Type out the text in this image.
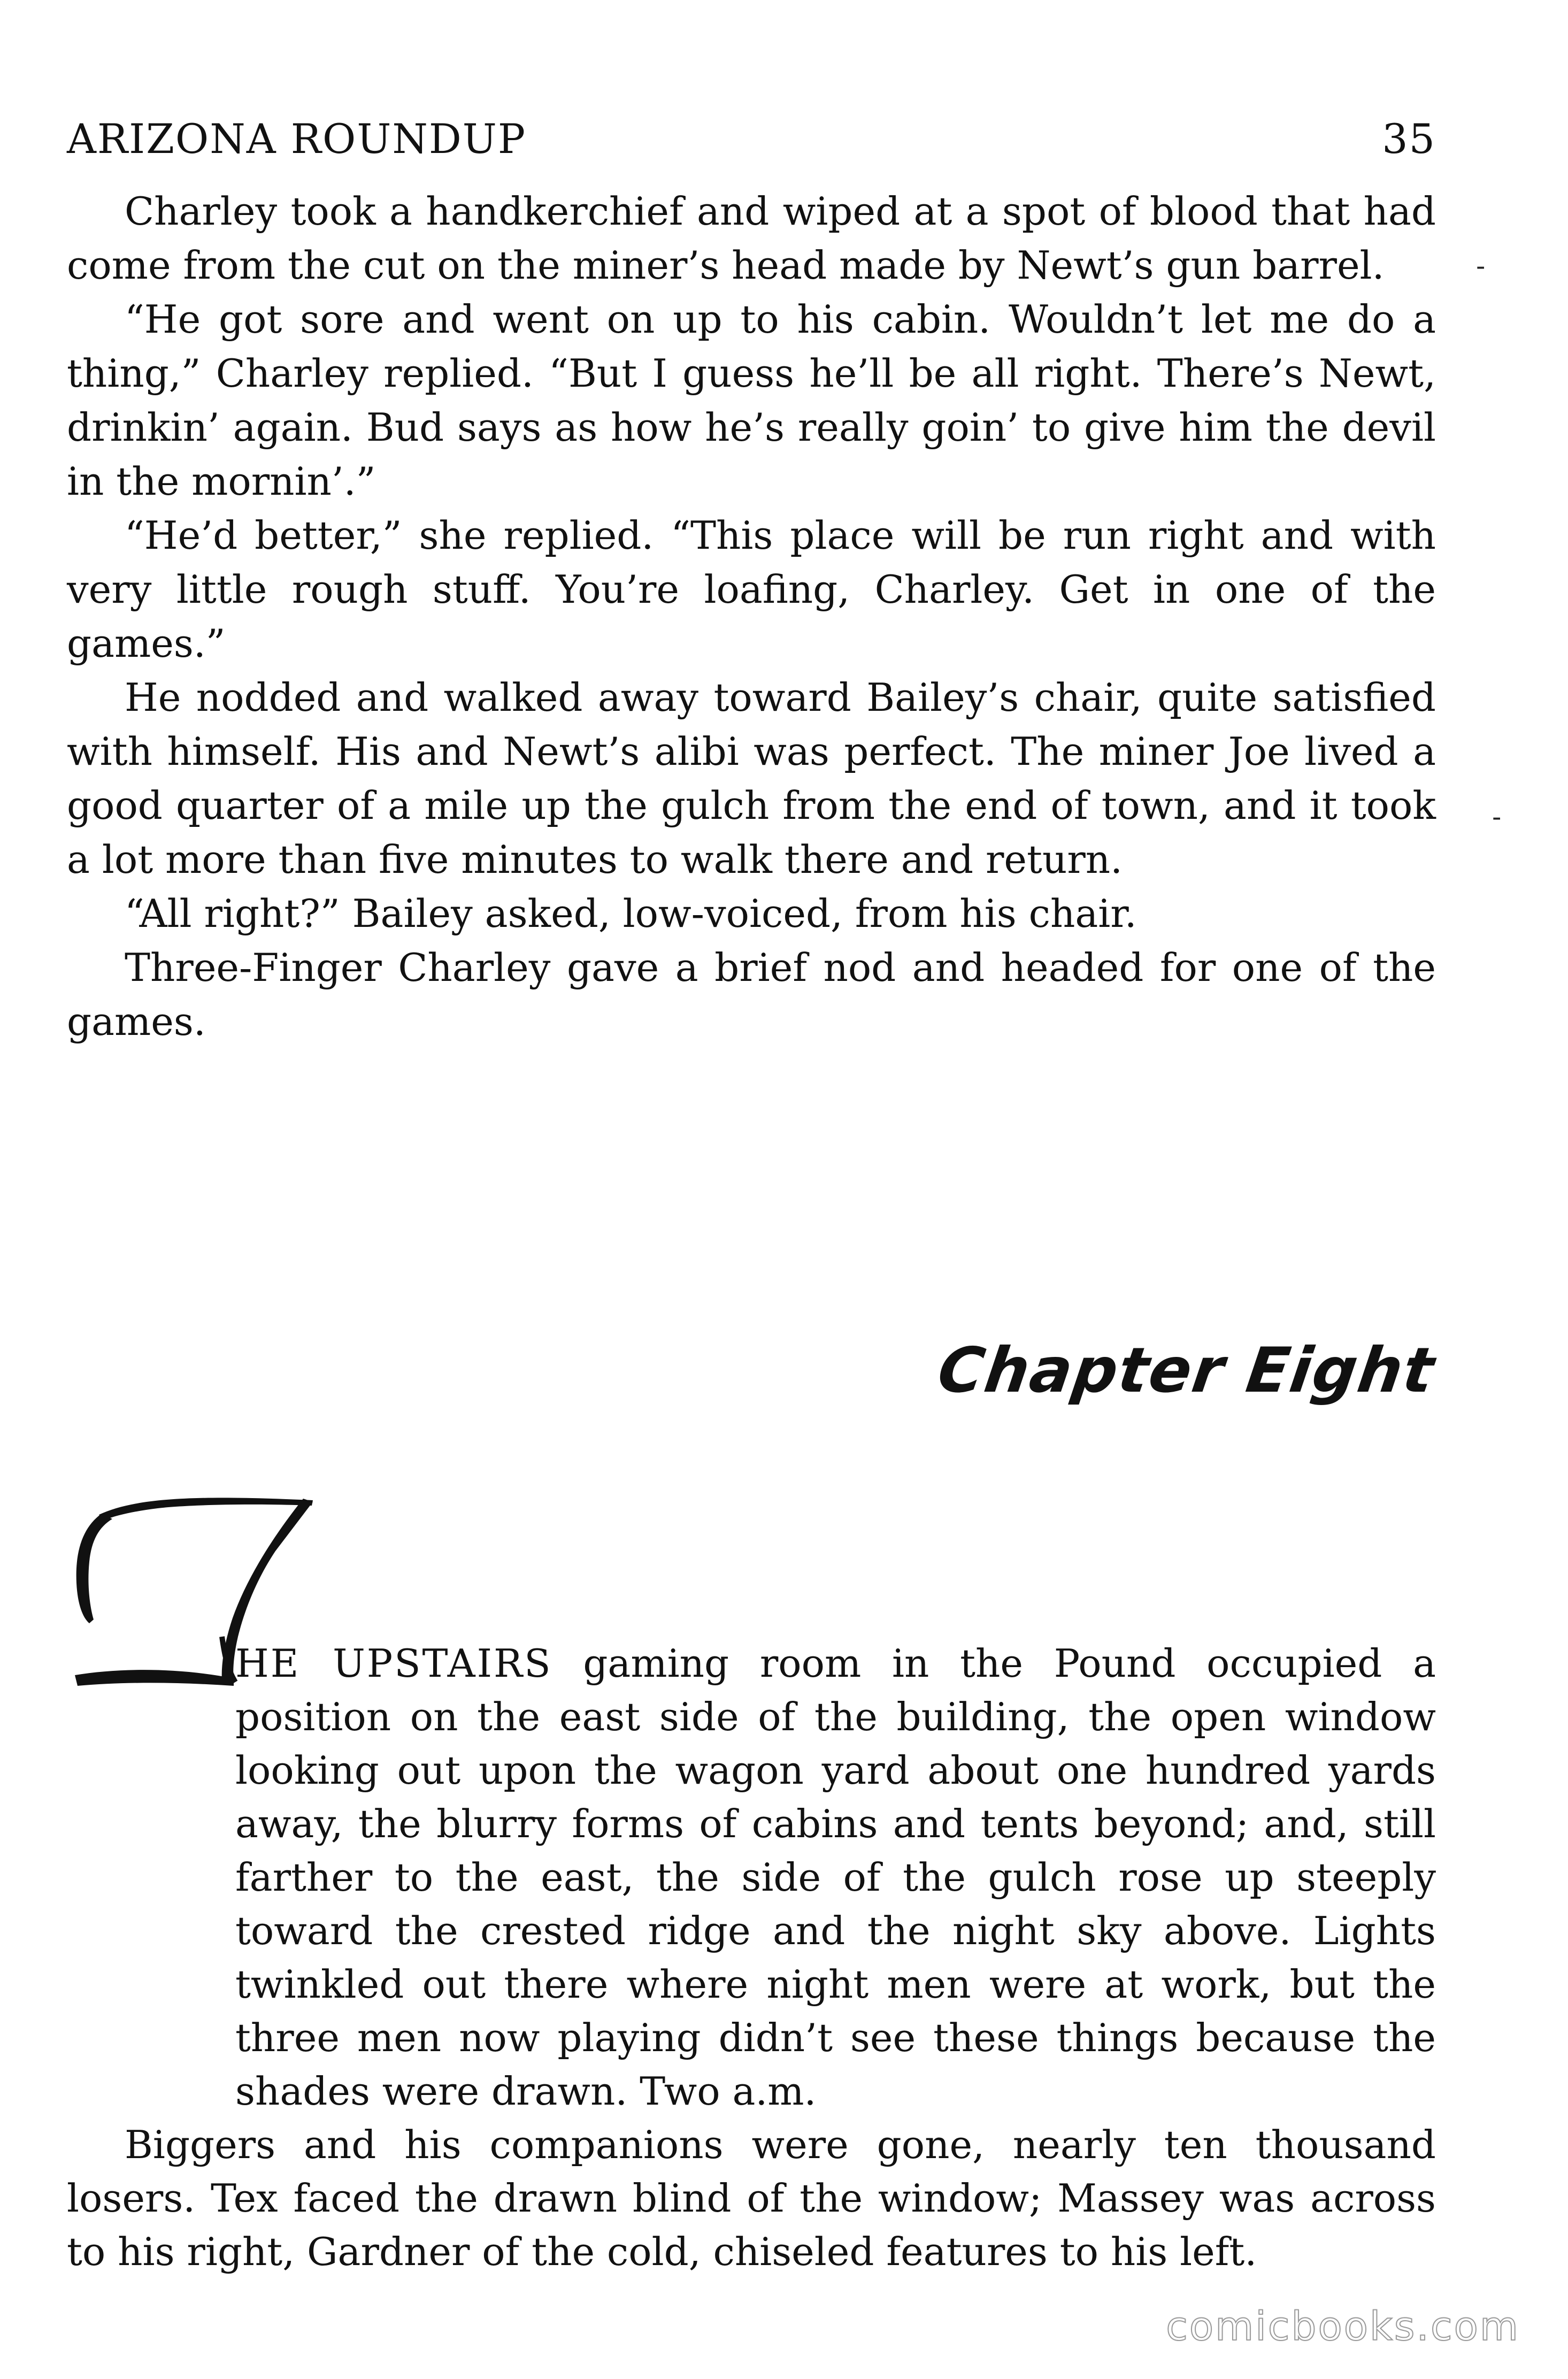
ARIZONA ROUNDUP	35

Charley took a handkerchief and wiped at a spot of blood that had come from the cut on the miner’s head made by Newt’s gun barrel.

“He got sore and went on up to his cabin. Wouldn’t let me do a thing,” Charley replied. “But I guess he’ll be all right. There’s Newt, drinkin’ again. Bud says as how he’s really goin’ to give him the devil in the mornin’.”

“He’d better,” she replied. “This place will be run right and with very little rough stuff. You’re loafing, Charley. Get in one of the games.”

He nodded and walked away toward Bailey’s chair, quite satisfied with himself. His and Newt’s alibi was perfect. The miner Joe lived a good quarter of a mile up the gulch from the end of town, and it took a lot more than five minutes to walk there and return.

“All right?” Bailey asked, low-voiced, from his chair.

Three-Finger Charley gave a brief nod and headed for one of the games.

-
-
Chapter Eight

HE UPSTAIRS gaming room in the Pound occupied a position on the east side of the building, the open window looking out upon the wagon yard about one hundred yards away, the blurry forms of cabins and tents beyond; and, still farther to the east, the side of the gulch rose up steeply toward the crested ridge and the night sky above. Lights twinkled out there where night men were at work, but the three men now playing didn’t see these things because the shades were drawn. Two a.m.

Biggers and his companions were gone, nearly ten thousand losers. Tex faced the drawn blind of the window; Massey was across to his right, Gardner of the cold, chiseled features to his left.

comicbooks.com
